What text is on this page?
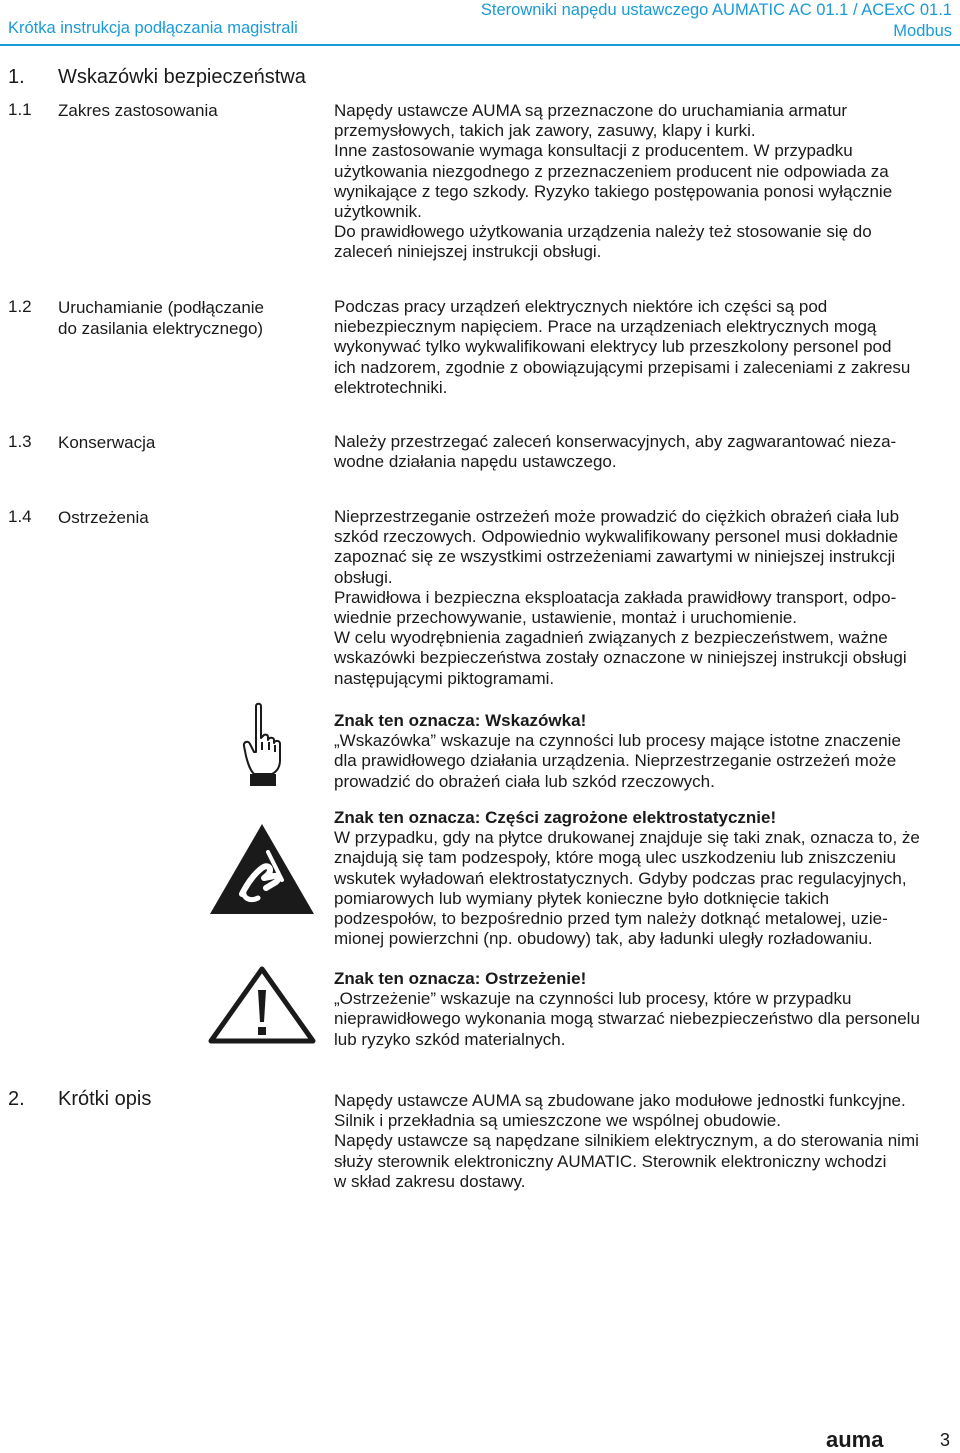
Krótka instrukcja podłączania magistrali
Sterowniki napędu ustawczego AUMATIC AC 01.1 / ACExC 01.1
Modbus
1. Wskazówki bezpieczeństwa
1.1 Zakres zastosowania	Napędy ustawcze AUMA są przeznaczone do uruchamiania armatur
przemysłowych, takich jak zawory, zasuwy, klapy i kurki.
Inne zastosowanie wymaga konsultacji z producentem. W przypadku
użytkowania niezgodnego z przeznaczeniem producent nie odpowiada za
wynikające z tego szkody. Ryzyko takiego postępowania ponosi wyłącznie
użytkownik.
Do prawidłowego użytkowania urządzenia należy też stosowanie się do
zaleceń niniejszej instrukcji obsługi.
1.2 Uruchamianie (podłączanie
do zasilania elektrycznego)
Podczas pracy urządzeń elektrycznych niektóre ich części są pod
niebezpiecznym napięciem. Prace na urządzeniach elektrycznych mogą
wykonywać tylko wykwalifikowani elektrycy lub przeszkolony personel pod
ich nadzorem, zgodnie z obowiązującymi przepisami i zaleceniami z zakresu
elektrotechniki.
1.3 Konserwacja	Należy przestrzegać zaleceń konserwacyjnych, aby zagwarantować nieza-
wodne działania napędu ustawczego.
1.4 Ostrzeżenia	Nieprzestrzeganie ostrzeżeń może prowadzić do ciężkich obrażeń ciała lub
szkód rzeczowych. Odpowiednio wykwalifikowany personel musi dokładnie
zapoznać się ze wszystkimi ostrzeżeniami zawartymi w niniejszej instrukcji
obsługi.
Prawidłowa i bezpieczna eksploatacja zakłada prawidłowy transport, odpo-
wiednie przechowywanie, ustawienie, montaż i uruchomienie.
W celu wyodrębnienia zagadnień związanych z bezpieczeństwem, ważne
wskazówki bezpieczeństwa zostały oznaczone w niniejszej instrukcji obsługi
następującymi piktogramami.
Znak ten oznacza: Wskazówka!
„Wskazówka” wskazuje na czynności lub procesy mające istotne znaczenie
dla prawidłowego działania urządzenia. Nieprzestrzeganie ostrzeżeń może
prowadzić do obrażeń ciała lub szkód rzeczowych.
Znak ten oznacza: Części zagrożone elektrostatycznie!
W przypadku, gdy na płytce drukowanej znajduje się taki znak, oznacza to, że
znajdują się tam podzespoły, które mogą ulec uszkodzeniu lub zniszczeniu
wskutek wyładowań elektrostatycznych. Gdyby podczas prac regulacyjnych,
pomiarowych lub wymiany płytek konieczne było dotknięcie takich
podzespołów, to bezpośrednio przed tym należy dotknąć metalowej, uzie-
mionej powierzchni (np. obudowy) tak, aby ładunki uległy rozładowaniu.
Znak ten oznacza: Ostrzeżenie!
„Ostrzeżenie” wskazuje na czynności lub procesy, które w przypadku
nieprawidłowego wykonania mogą stwarzać niebezpieczeństwo dla personelu
lub ryzyko szkód materialnych.
2. Krótki opis	Napędy ustawcze AUMA są zbudowane jako modułowe jednostki funkcyjne.
Silnik i przekładnia są umieszczone we wspólnej obudowie.
Napędy ustawcze są napędzane silnikiem elektrycznym, a do sterowania nimi
służy sterownik elektroniczny AUMATIC. Sterownik elektroniczny wchodzi
w skład zakresu dostawy.
auma	3
